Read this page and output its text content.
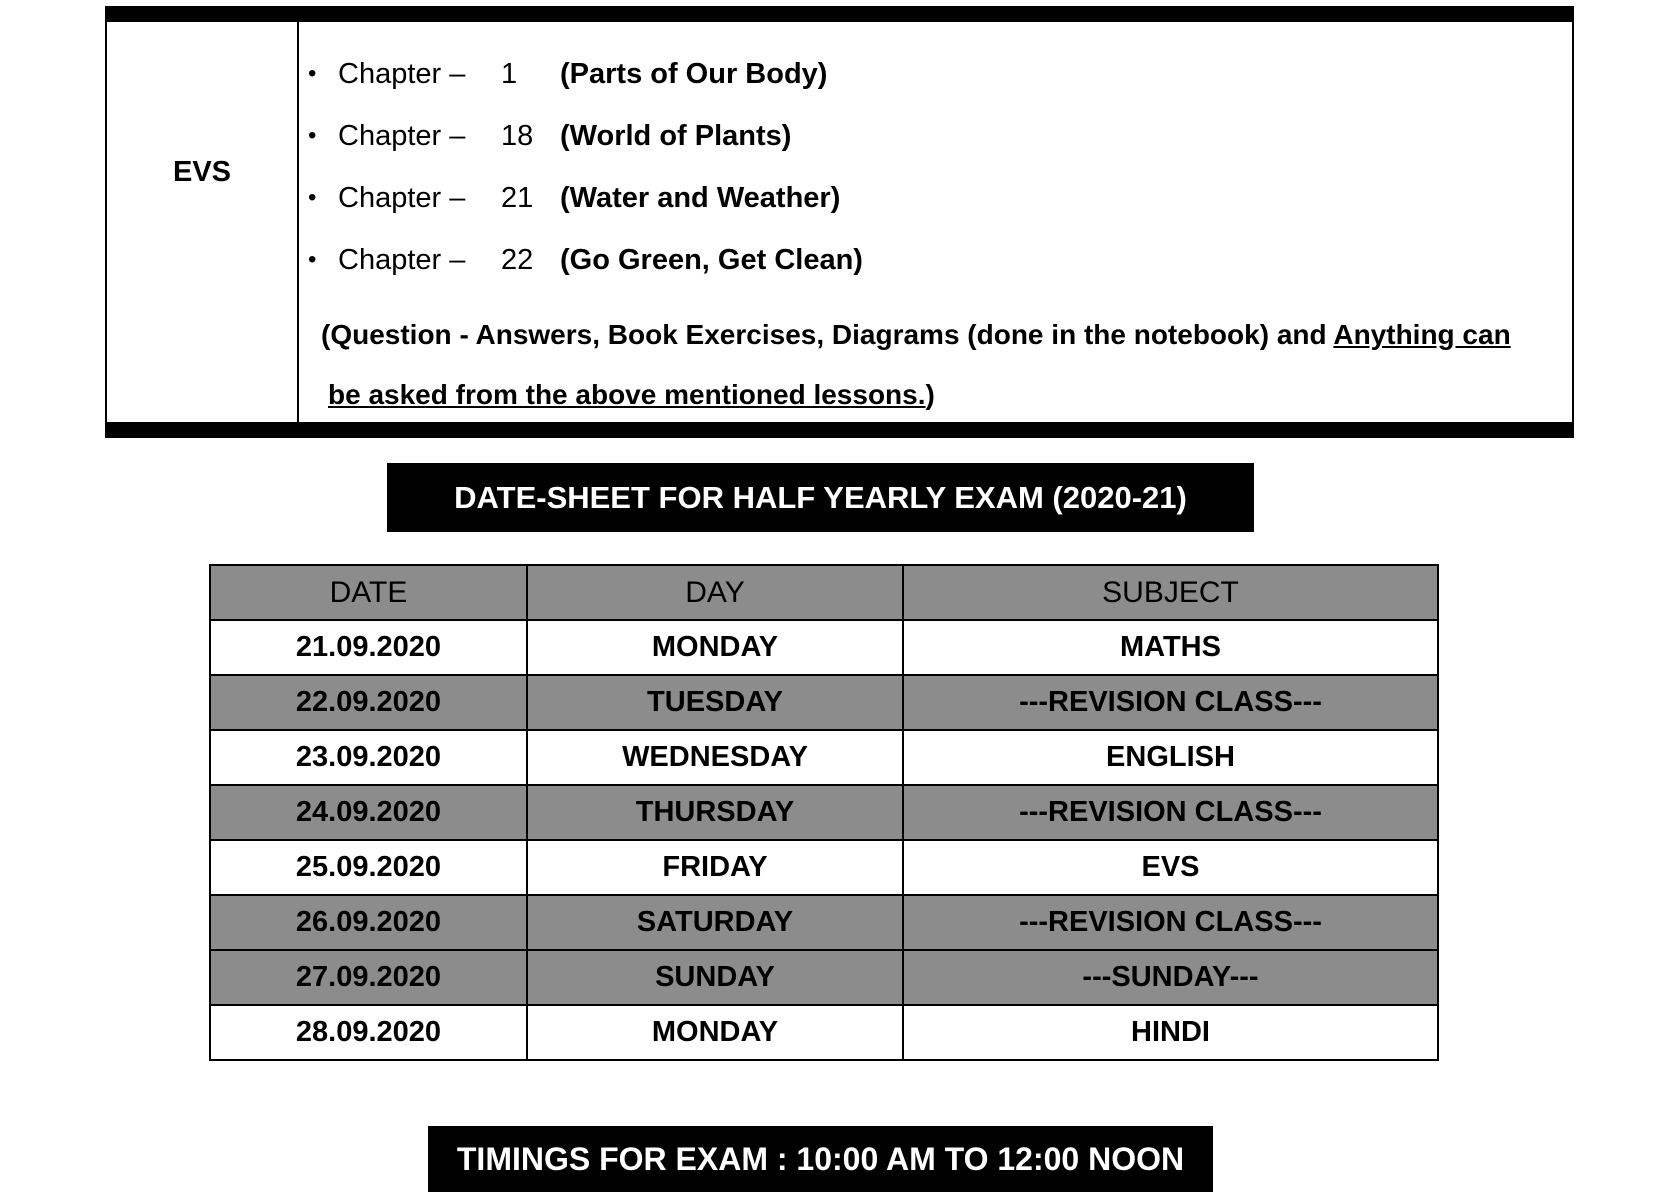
EVS
• Chapter – 1 (Parts of Our Body)
• Chapter – 18 (World of Plants)
• Chapter – 21 (Water and Weather)
• Chapter – 22 (Go Green, Get Clean)
(Question - Answers, Book Exercises, Diagrams (done in the notebook) and Anything can
be asked from the above mentioned lessons.)
DATE-SHEET FOR HALF YEARLY EXAM (2020-21)
DATE	DAY	SUBJECT
21.09.2020	MONDAY	MATHS
22.09.2020	TUESDAY	---REVISION CLASS---
23.09.2020	WEDNESDAY	ENGLISH
24.09.2020	THURSDAY	---REVISION CLASS---
25.09.2020	FRIDAY	EVS
26.09.2020	SATURDAY	---REVISION CLASS---
27.09.2020	SUNDAY	---SUNDAY---
28.09.2020	MONDAY	HINDI
TIMINGS FOR EXAM : 10:00 AM TO 12:00 NOON
